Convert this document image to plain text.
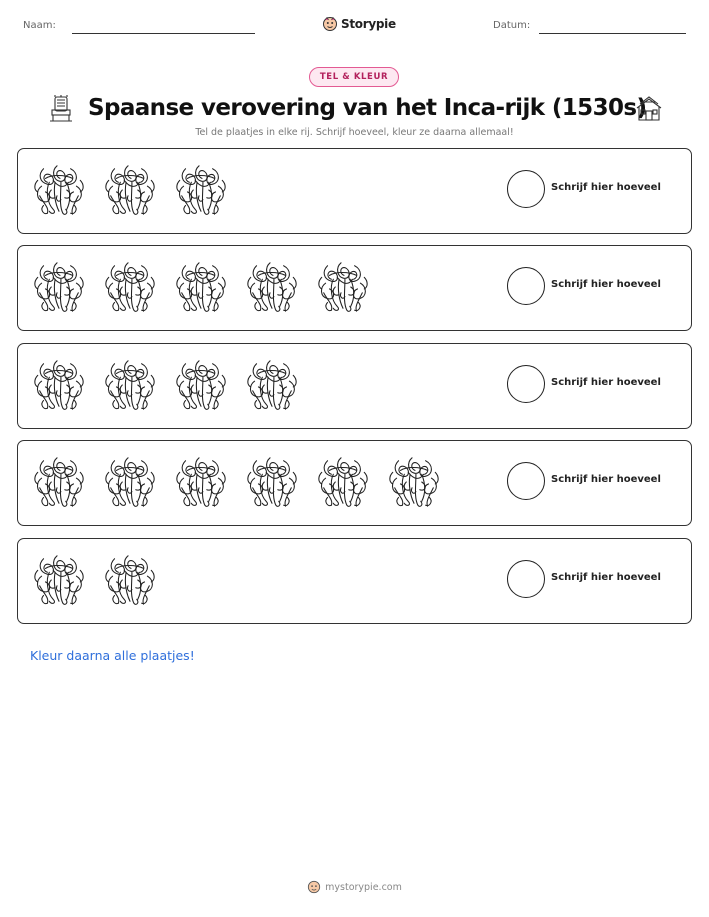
Naam:	Storypie	Datum:
TEL & KLEUR
Spaanse verovering van het Inca-rijk (1530s)
Tel de plaatjes in elke rij. Schrijf hoeveel, kleur ze daarna allemaal!
Schrijf hier hoeveel
Schrijf hier hoeveel
Schrijf hier hoeveel
Schrijf hier hoeveel
Schrijf hier hoeveel
Kleur daarna alle plaatjes!
mystorypie.com
